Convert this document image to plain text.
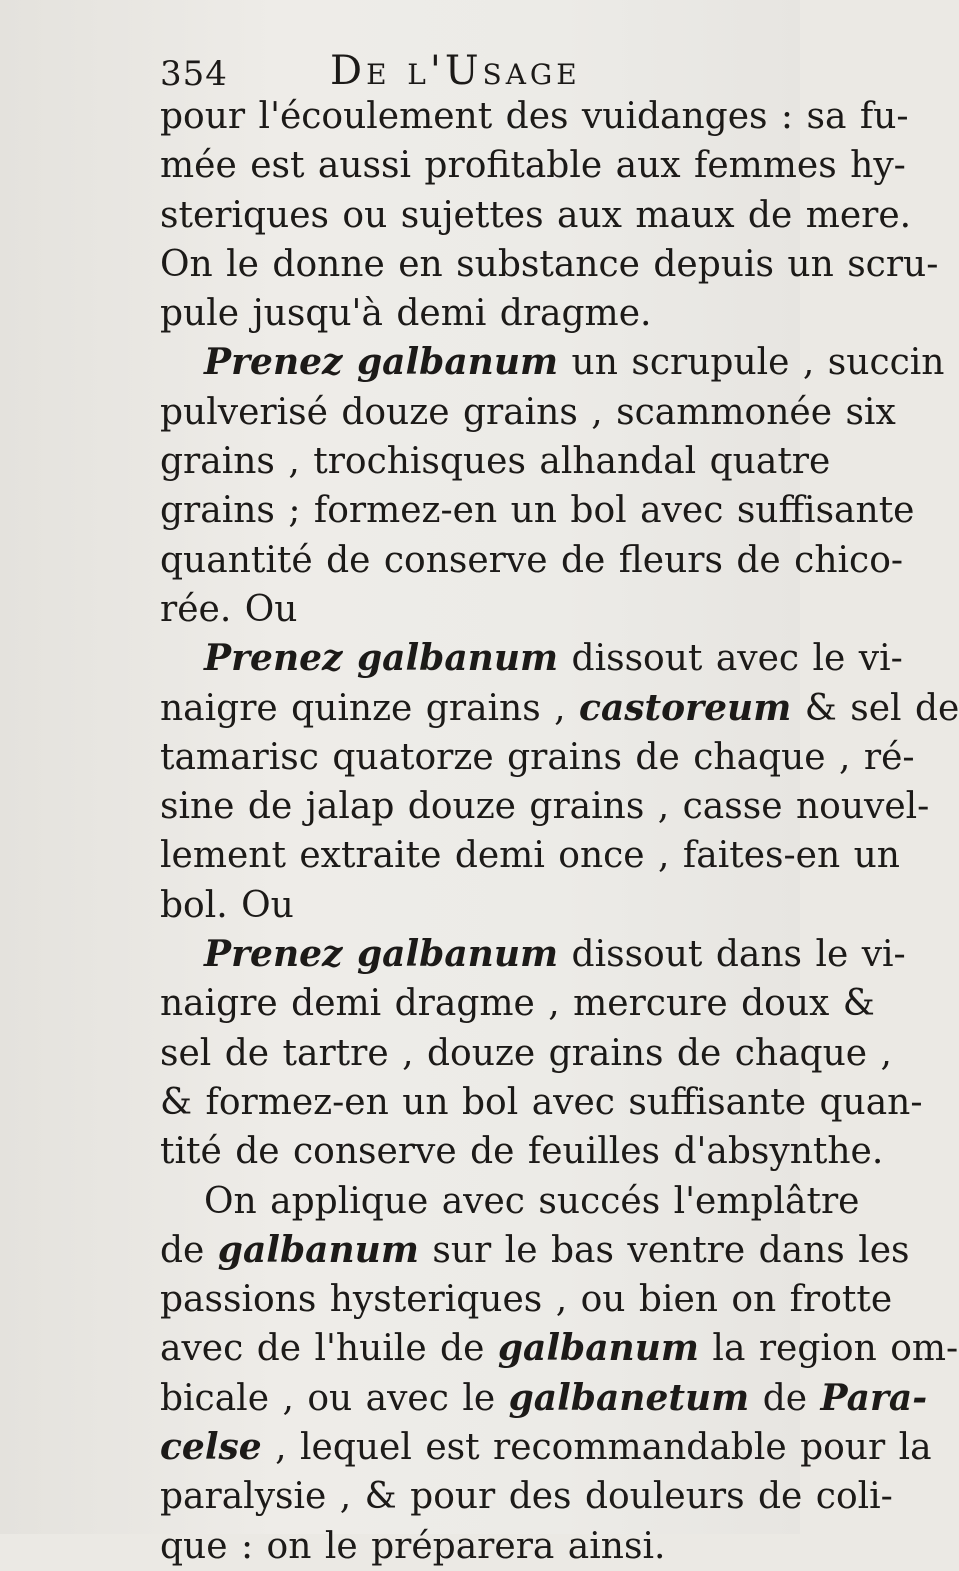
354	De l'Usage
pour l'écoulement des vuidanges : sa fu-
mée est aussi profitable aux femmes hy-
steriques ou sujettes aux maux de mere.
On le donne en substance depuis un scru-
pule jusqu'à demi dragme.
Prenez galbanum un scrupule , succin
pulverisé douze grains , scammonée six
grains , trochisques alhandal quatre
grains ; formez-en un bol avec suffisante
quantité de conserve de fleurs de chico-
rée. Ou
Prenez galbanum dissout avec le vi-
naigre quinze grains , castoreum & sel de
tamarisc quatorze grains de chaque , ré-
sine de jalap douze grains , casse nouvel-
lement extraite demi once , faites-en un
bol. Ou
Prenez galbanum dissout dans le vi-
naigre demi dragme , mercure doux &
sel de tartre , douze grains de chaque ,
& formez-en un bol avec suffisante quan-
tité de conserve de feuilles d'absynthe.
On applique avec succés l'emplâtre
de galbanum sur le bas ventre dans les
passions hysteriques , ou bien on frotte
avec de l'huile de galbanum la region om-
bicale , ou avec le galbanetum de Para-
celse , lequel est recommandable pour la
paralysie , & pour des douleurs de coli-
que : on le préparera ainsi.
